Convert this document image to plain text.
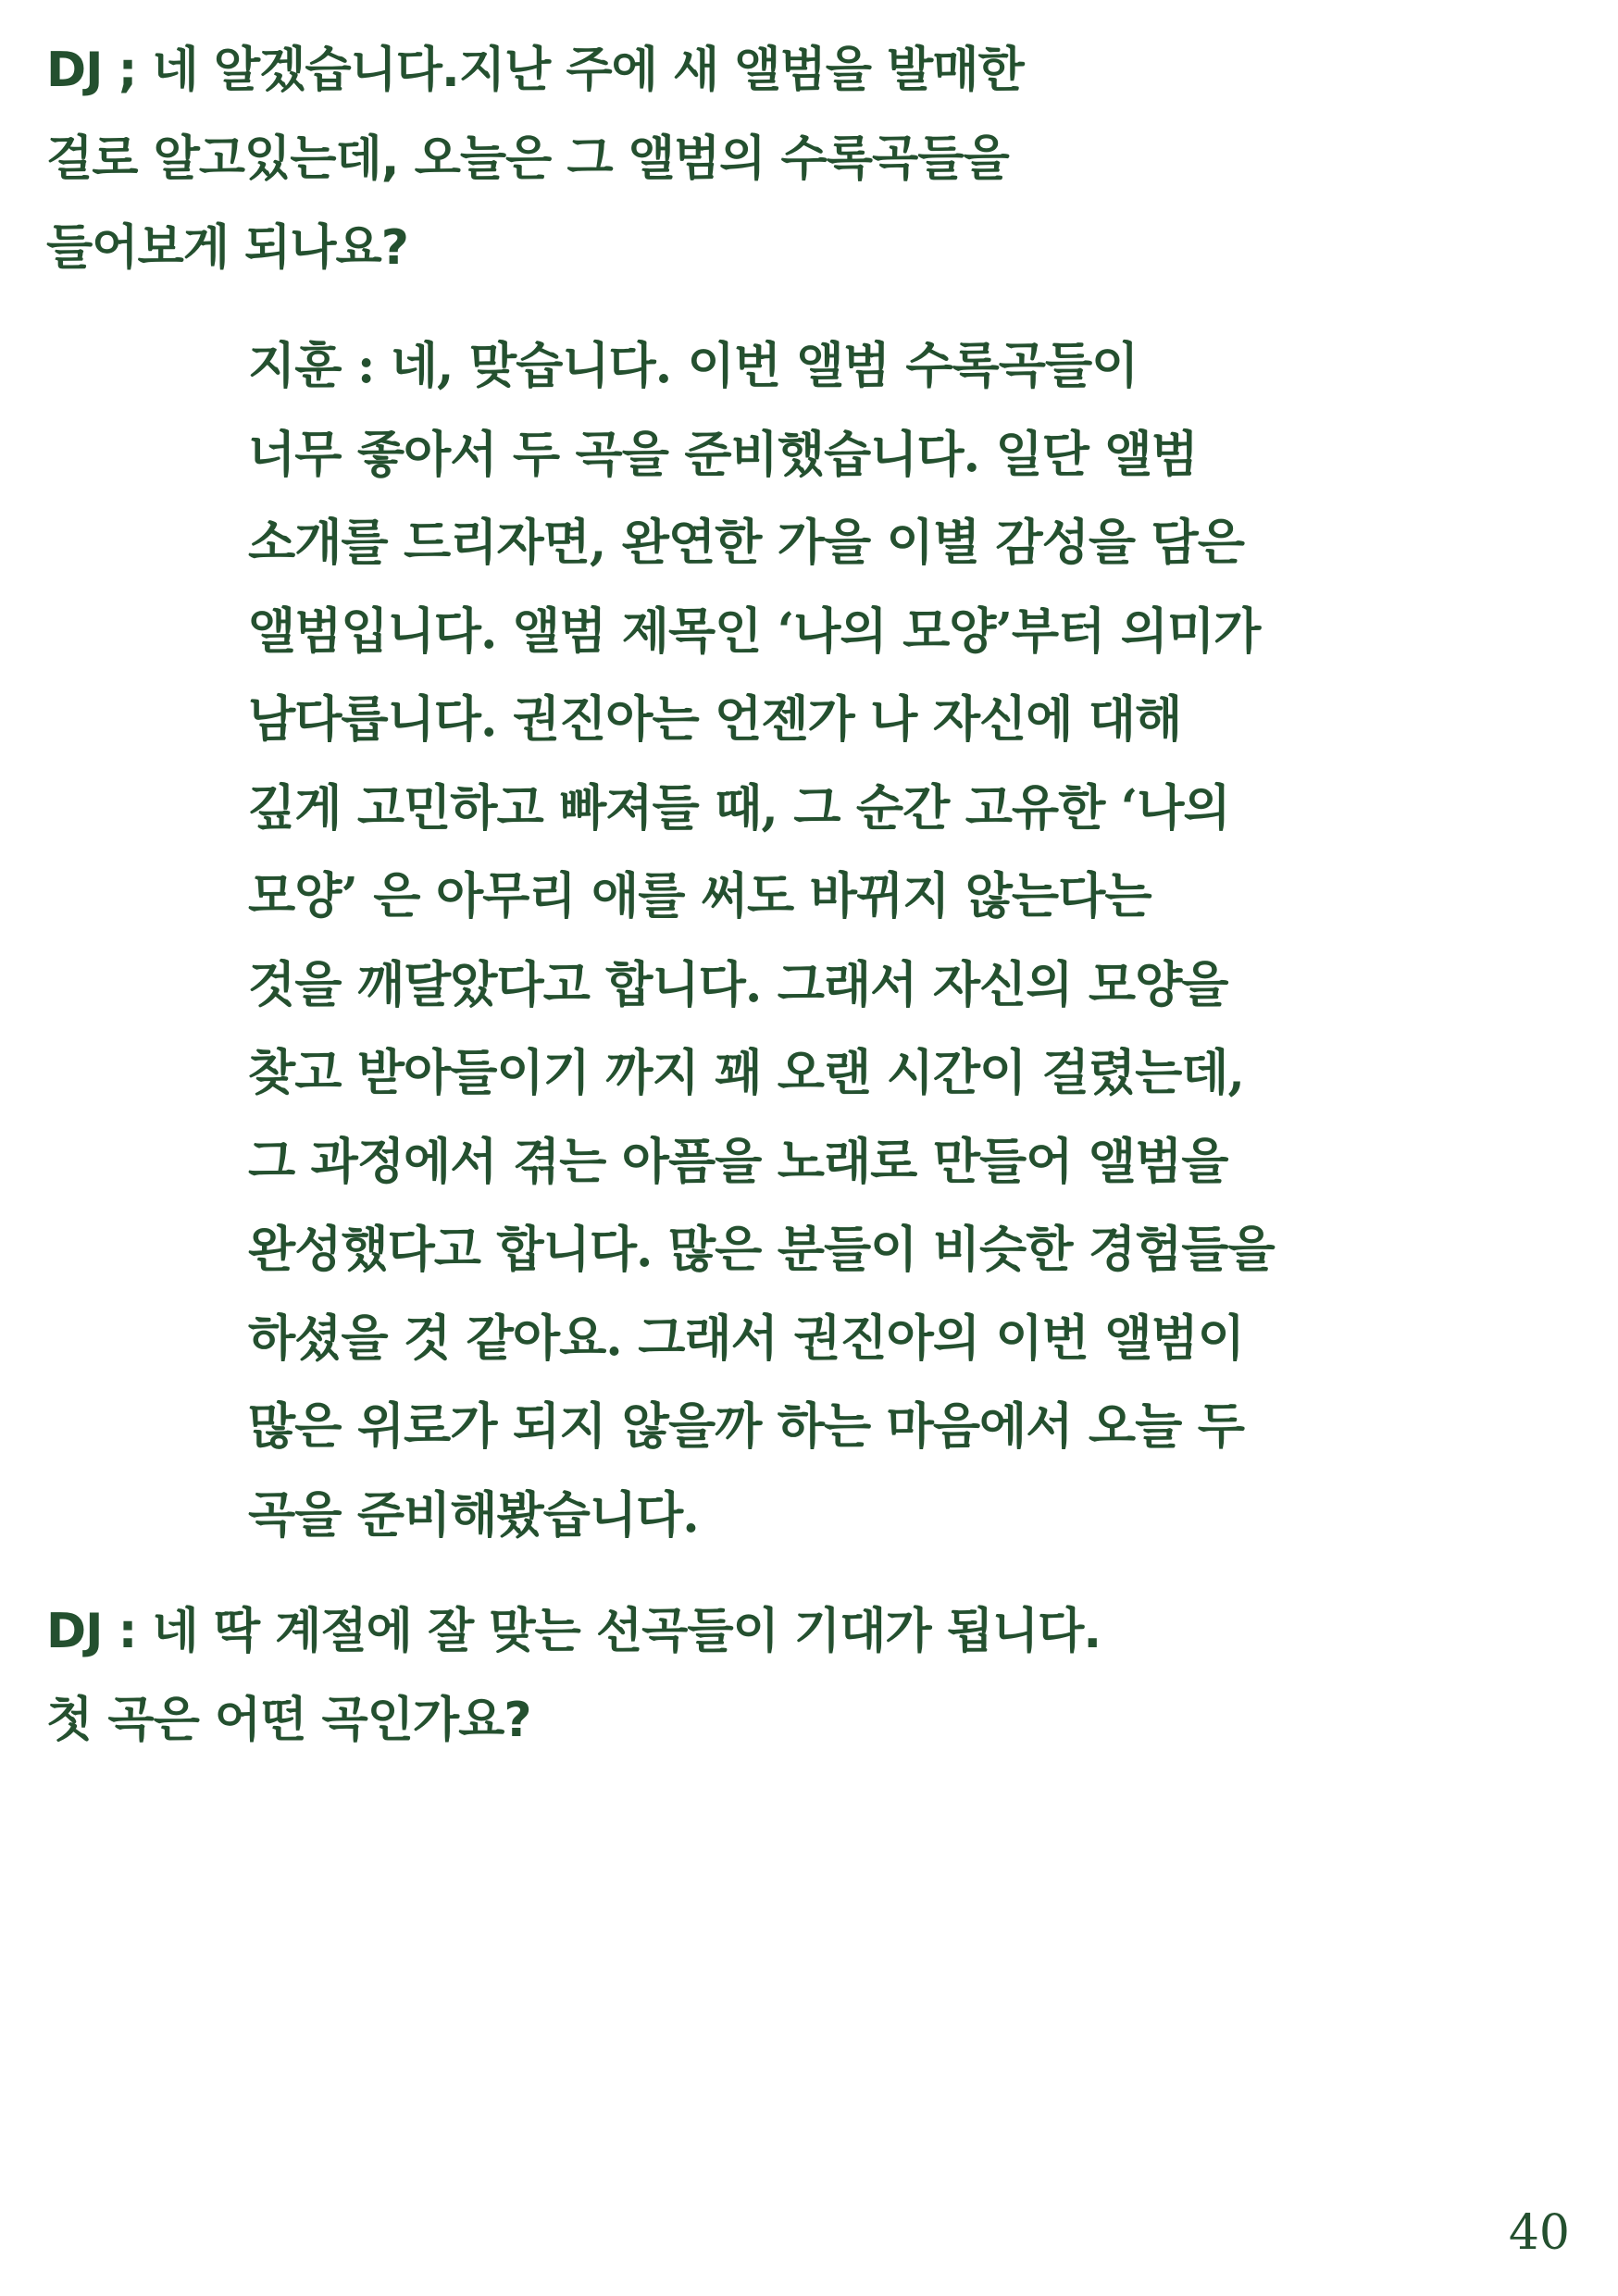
DJ ; 네 알겠습니다.지난 주에 새 앨범을 발매한
걸로 알고있는데, 오늘은 그 앨범의 수록곡들을
들어보게 되나요?
지훈 : 네, 맞습니다. 이번 앨범 수록곡들이
너무 좋아서 두 곡을 준비했습니다. 일단 앨범
소개를 드리자면, 완연한 가을 이별 감성을 담은
앨범입니다. 앨범 제목인 ‘나의 모양’부터 의미가
남다릅니다. 권진아는 언젠가 나 자신에 대해
깊게 고민하고 빠져들 때, 그 순간 고유한 ‘나의
모양’ 은 아무리 애를 써도 바뀌지 않는다는
것을 깨달았다고 합니다. 그래서 자신의 모양을
찾고 받아들이기 까지 꽤 오랜 시간이 걸렸는데,
그 과정에서 겪는 아픔을 노래로 만들어 앨범을
완성했다고 합니다. 많은 분들이 비슷한 경험들을
하셨을 것 같아요. 그래서 권진아의 이번 앨범이
많은 위로가 되지 않을까 하는 마음에서 오늘 두
곡을 준비해봤습니다.
DJ : 네 딱 계절에 잘 맞는 선곡들이 기대가 됩니다.
첫 곡은 어떤 곡인가요?
40
